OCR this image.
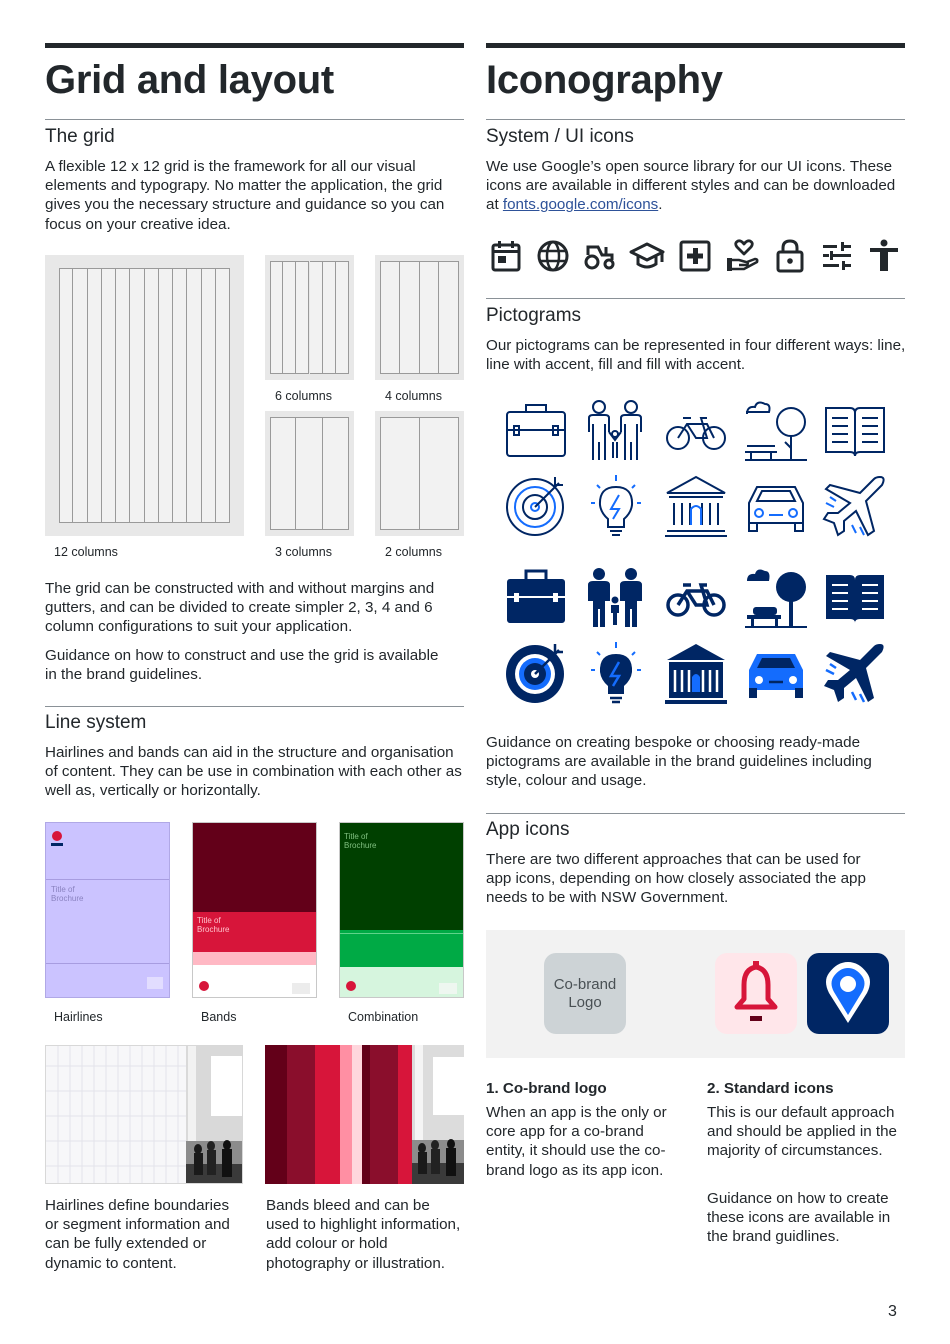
Grid and layout
The grid
A flexible 12 x 12 grid is the framework for all our visual elements and typograpy. No matter the application, the grid gives you the necessary structure and guidance so you can focus on your creative idea.
6 columns	4 columns
12 columns	3 columns	2 columns
The grid can be constructed with and without margins and gutters, and can be divided to create simpler 2, 3, 4 and 6 column configurations to suit your application.
Guidance on how to construct and use the grid is available in the brand guidelines.
Line system
Hairlines and bands can aid in the structure and organisation of content. They can be use in combination with each other as well as, vertically or horizontally.
Title of Brochure
Title of Brochure
Title of Brochure
Hairlines	Bands	Combination
Hairlines define boundaries or segment information and can be fully extended or dynamic to content.
Bands bleed and can be used to highlight information, add colour or hold photography or illustration.
Iconography
System / UI icons
We use Google’s open source library for our UI icons. These icons are available in different styles and can be downloaded at fonts.google.com/icons.
Pictograms
Our pictograms can be represented in four different ways: line, line with accent, fill and fill with accent.
Guidance on creating bespoke or choosing ready-made pictograms are available in the brand guidelines including style, colour and usage.
App icons
There are two different approaches that can be used for app icons, depending on how closely associated the app needs to be with NSW Government.
Co-brand Logo
1. Co-brand logo
When an app is the only or core app for a co-brand entity, it should use the co-brand logo as its app icon.
2. Standard icons
This is our default approach and should be applied in the majority of circumstances.
Guidance on how to create these icons are available in the brand guidlines.
3
